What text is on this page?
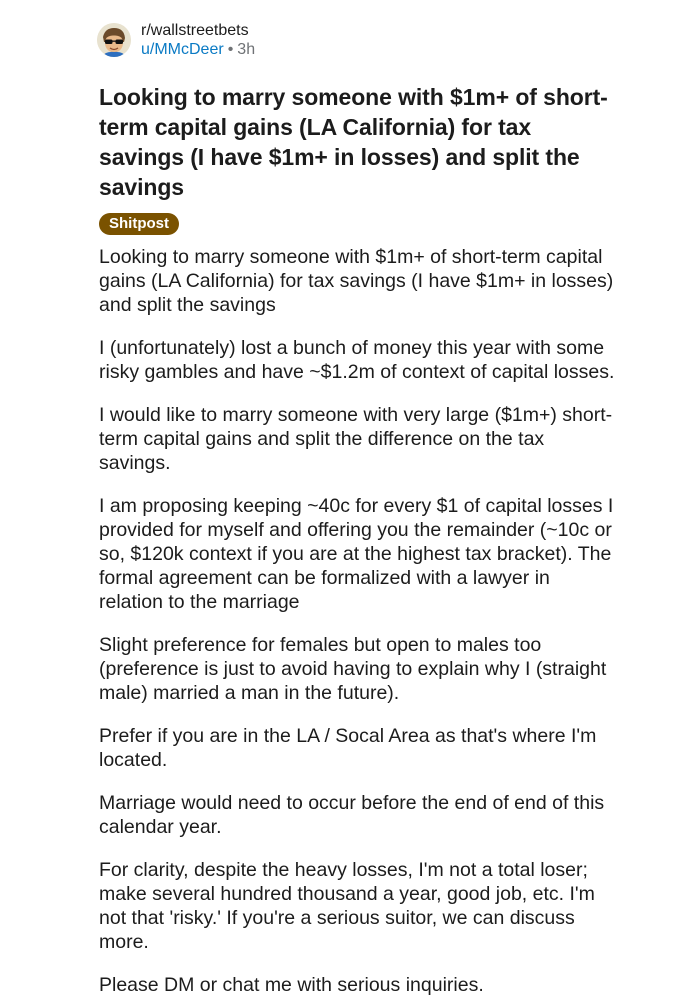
r/wallstreetbets
u/MMcDeer • 3h
Looking to marry someone with $1m+ of short-term capital gains (LA California) for tax savings (I have $1m+ in losses) and split the savings
Shitpost

Looking to marry someone with $1m+ of short-term capital gains (LA California) for tax savings (I have $1m+ in losses) and split the savings

I (unfortunately) lost a bunch of money this year with some risky gambles and have ~$1.2m of context of capital losses.

I would like to marry someone with very large ($1m+) short-term capital gains and split the difference on the tax savings.

I am proposing keeping ~40c for every $1 of capital losses I provided for myself and offering you the remainder (~10c or so, $120k context if you are at the highest tax bracket). The formal agreement can be formalized with a lawyer in relation to the marriage

Slight preference for females but open to males too (preference is just to avoid having to explain why I (straight male) married a man in the future).

Prefer if you are in the LA / Socal Area as that's where I'm located.

Marriage would need to occur before the end of end of this calendar year.

For clarity, despite the heavy losses, I'm not a total loser; make several hundred thousand a year, good job, etc. I'm not that 'risky.' If you're a serious suitor, we can discuss more.

Please DM or chat me with serious inquiries.
